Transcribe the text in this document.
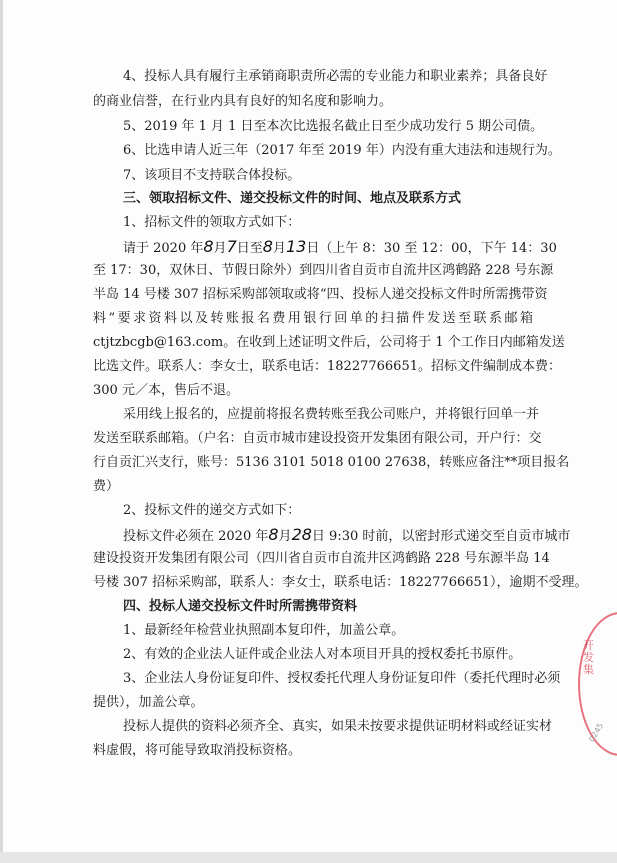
4、投标人具有履行主承销商职责所必需的专业能力和职业素养；具备良好
的商业信誉，在行业内具有良好的知名度和影响力。
5、2019 年 1 月 1 日至本次比选报名截止日至少成功发行 5 期公司债。
6、比选申请人近三年（2017 年至 2019 年）内没有重大违法和违规行为。
7、该项目不支持联合体投标。
三、领取招标文件、递交投标文件的时间、地点及联系方式
1、招标文件的领取方式如下：
请于 2020 年8月7日至8月13日（上午 8：30 至 12：00，下午 14：30
至 17：30，双休日、节假日除外）到四川省自贡市自流井区鸿鹤路 228 号东源
半岛 14 号楼 307 招标采购部领取或将“四、投标人递交投标文件时所需携带资
料”要求资料以及转账报名费用银行回单的扫描件发送至联系邮箱
ctjtzbcgb@163.com。在收到上述证明文件后，公司将于 1 个工作日内邮箱发送
比选文件。联系人：李女士，联系电话：18227766651。招标文件编制成本费：
300 元／本，售后不退。
采用线上报名的，应提前将报名费转账至我公司账户，并将银行回单一并
发送至联系邮箱。（户名：自贡市城市建设投资开发集团有限公司，开户行：交
行自贡汇兴支行，账号：5136 3101 5018 0100 27638，转账应备注**项目报名
费）
2、投标文件的递交方式如下：
投标文件必须在 2020 年8月28日 9:30 时前，以密封形式递交至自贡市城市
建设投资开发集团有限公司（四川省自贡市自流井区鸿鹤路 228 号东源半岛 14
号楼 307 招标采购部，联系人：李女士，联系电话：18227766651），逾期不受理。
四、投标人递交投标文件时所需携带资料
1、最新经年检营业执照副本复印件，加盖公章。
2、有效的企业法人证件或企业法人对本项目开具的授权委托书原件。
3、企业法人身份证复印件、授权委托代理人身份证复印件（委托代理时必须
提供），加盖公章。
投标人提供的资料必须齐全、真实，如果未按要求提供证明材料或经证实材
料虚假，将可能导致取消投标资格。
开发集
0245
